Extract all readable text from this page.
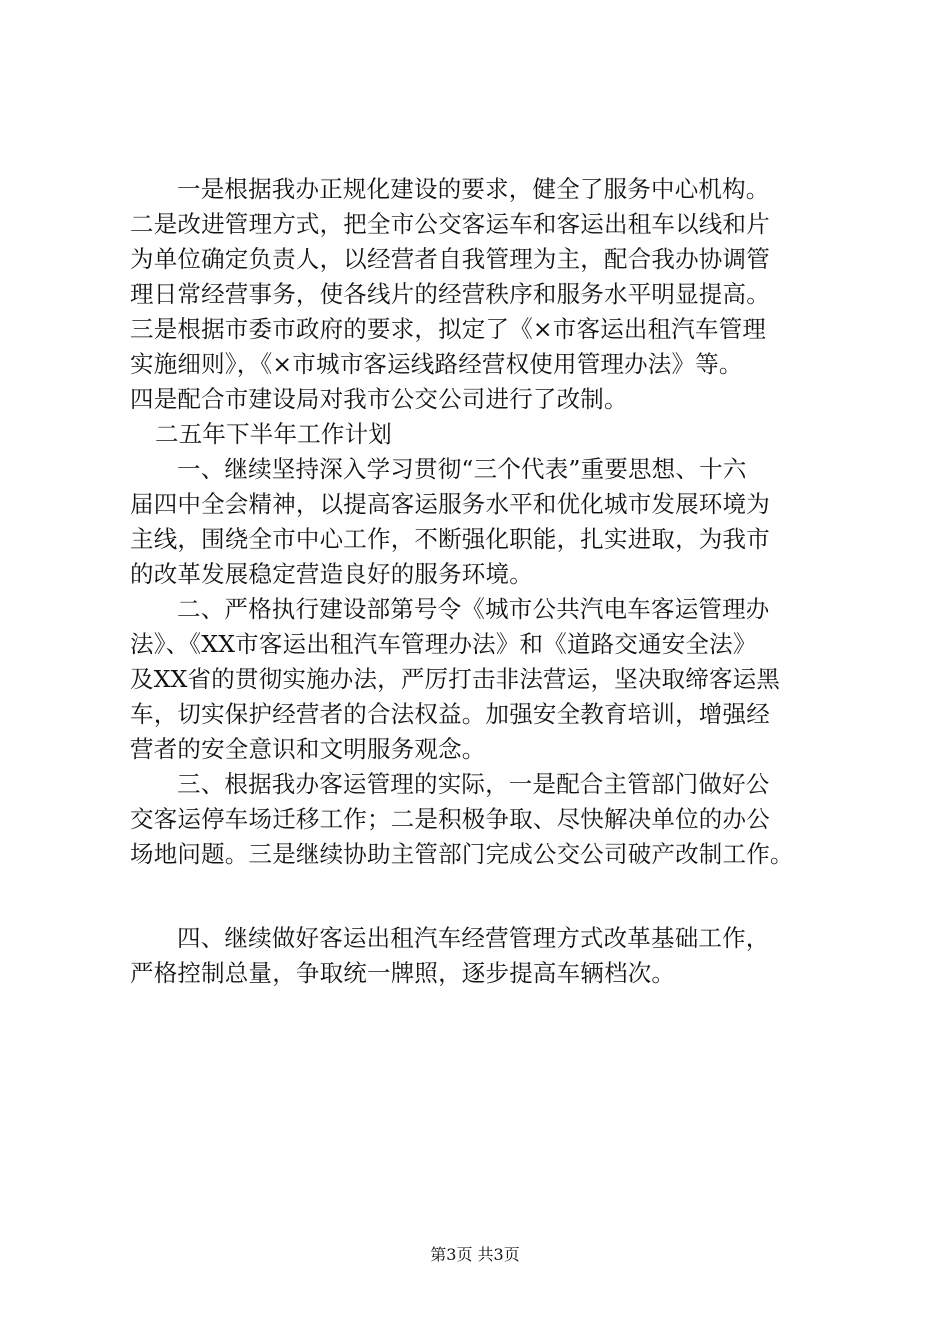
一是根据我办正规化建设的要求，健全了服务中心机构。
二是改进管理方式，把全市公交客运车和客运出租车以线和片
为单位确定负责人，以经营者自我管理为主，配合我办协调管
理日常经营事务，使各线片的经营秩序和服务水平明显提高。
三是根据市委市政府的要求，拟定了《×市客运出租汽车管理
实施细则》，《×市城市客运线路经营权使用管理办法》等。
四是配合市建设局对我市公交公司进行了改制。
二五年下半年工作计划
一、继续坚持深入学习贯彻“三个代表”重要思想、十六
届四中全会精神，以提高客运服务水平和优化城市发展环境为
主线，围绕全市中心工作，不断强化职能，扎实进取，为我市
的改革发展稳定营造良好的服务环境。
二、严格执行建设部第号令《城市公共汽电车客运管理办
法》、《XX市客运出租汽车管理办法》和《道路交通安全法》
及XX省的贯彻实施办法，严厉打击非法营运，坚决取缔客运黑
车，切实保护经营者的合法权益。加强安全教育培训，增强经
营者的安全意识和文明服务观念。
三、根据我办客运管理的实际，一是配合主管部门做好公
交客运停车场迁移工作；二是积极争取、尽快解决单位的办公
场地问题。三是继续协助主管部门完成公交公司破产改制工作。
四、继续做好客运出租汽车经营管理方式改革基础工作，
严格控制总量，争取统一牌照，逐步提高车辆档次。
第3页 共3页
